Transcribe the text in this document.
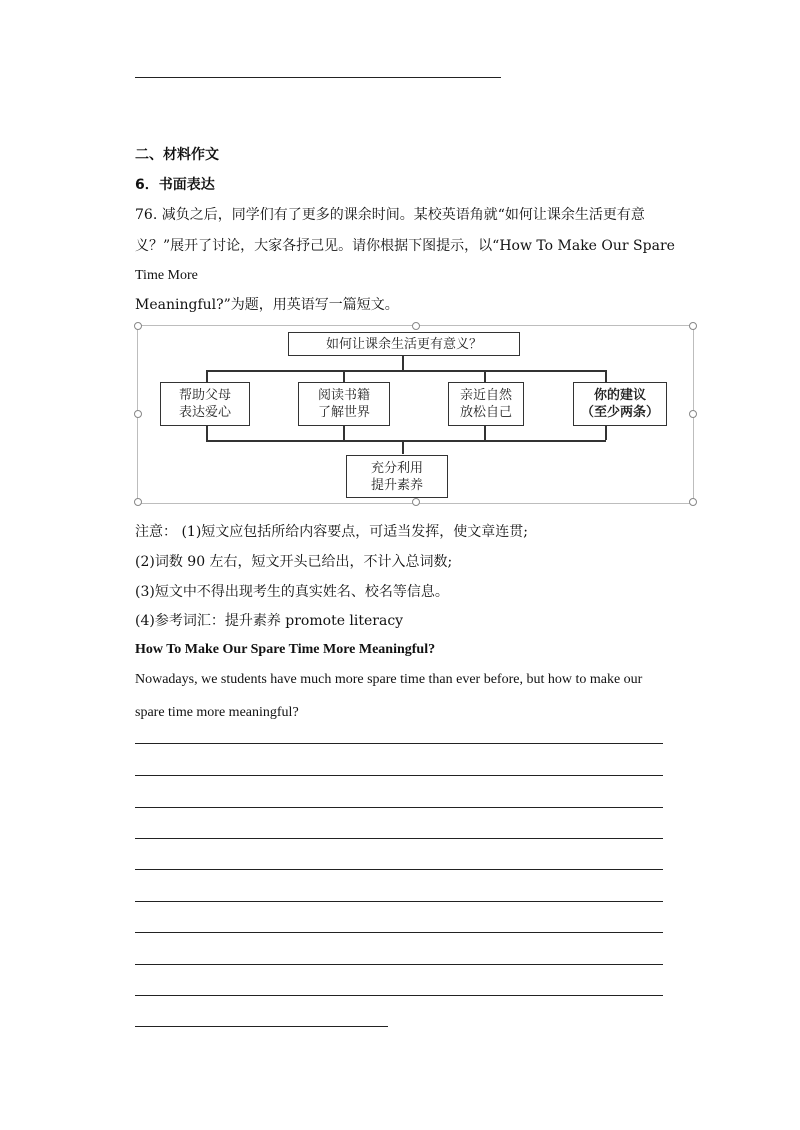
二、材料作文
6．书面表达
76. 减负之后，同学们有了更多的课余时间。某校英语角就“如何让课余生活更有意
义？”展开了讨论，大家各抒己见。请你根据下图提示，以“How To Make Our Spare
Time More
Meaningful?”为题，用英语写一篇短文。
如何让课余生活更有意义？
帮助父母
表达爱心
阅读书籍
了解世界
亲近自然
放松自己
你的建议
（至少两条）
充分利用
提升素养
注意： (1)短文应包括所给内容要点，可适当发挥，使文章连贯;
(2)词数 90 左右，短文开头已给出，不计入总词数;
(3)短文中不得出现考生的真实姓名、校名等信息。
(4)参考词汇：提升素养 promote literacy
How To Make Our Spare Time More Meaningful?
Nowadays, we students have much more spare time than ever before, but how to make our
spare time more meaningful?
